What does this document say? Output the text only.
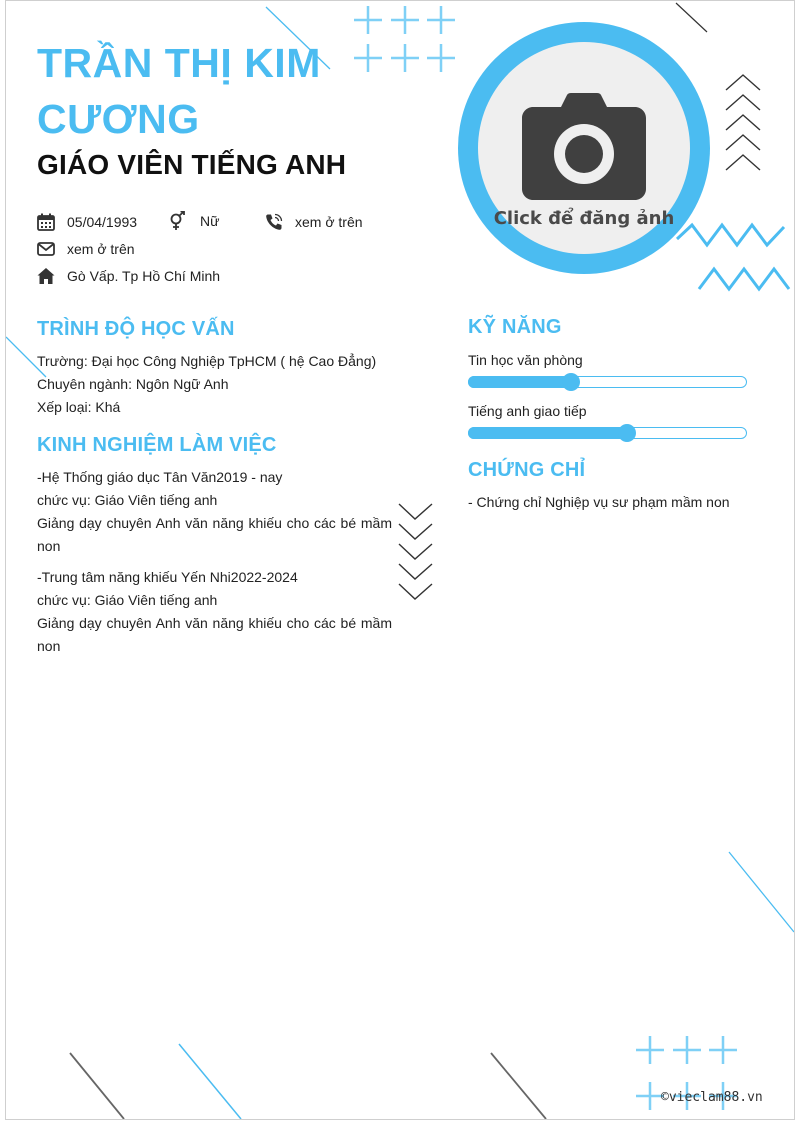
TRẦN THỊ KIM CƯƠNG
GIÁO VIÊN TIẾNG ANH
05/04/1993	Nữ	xem ở trên
xem ở trên
Gò Vấp. Tp Hồ Chí Minh
Click để đăng ảnh
TRÌNH ĐỘ HỌC VẤN
Trường: Đại học Công Nghiệp TpHCM ( hệ Cao Đẳng)
Chuyên ngành: Ngôn Ngữ Anh
Xếp loại: Khá
KINH NGHIỆM LÀM VIỆC
-Hệ Thống giáo dục Tân Văn2019 - nay
chức vụ: Giáo Viên tiếng anh
Giảng dạy chuyên Anh văn năng khiếu cho các bé mầm non
-Trung tâm năng khiếu Yến Nhi2022-2024
chức vụ: Giáo Viên tiếng anh
Giảng dạy chuyên Anh văn năng khiếu cho các bé mầm non
KỸ NĂNG
Tin học văn phòng
Tiếng anh giao tiếp
CHỨNG CHỈ
- Chứng chỉ Nghiệp vụ sư phạm mầm non
©vieclam88.vn
